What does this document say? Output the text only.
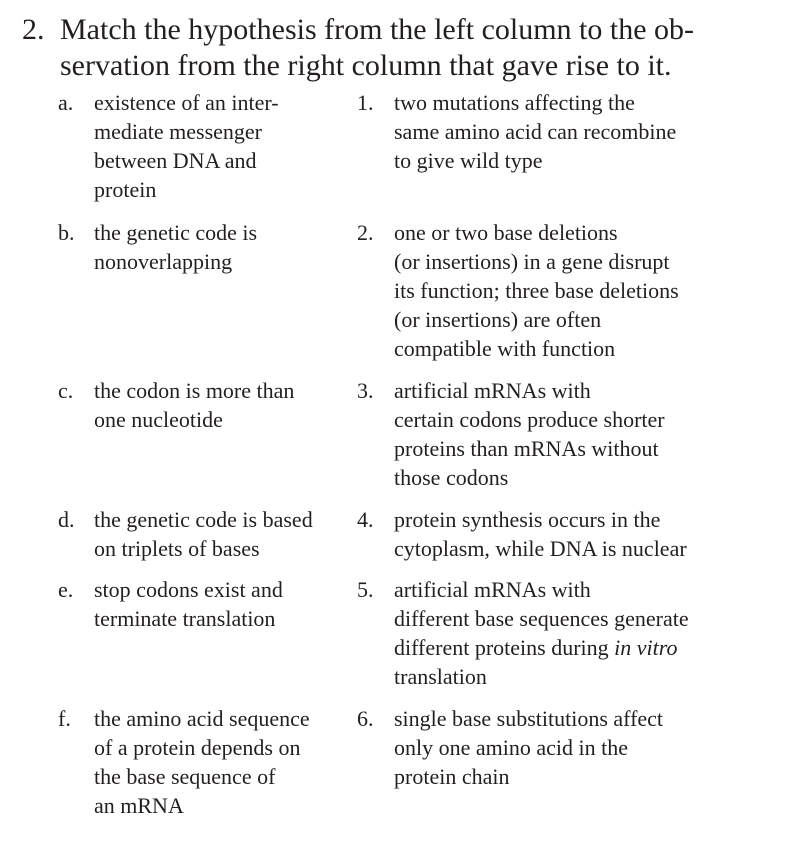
2. Match the hypothesis from the left column to the ob-
servation from the right column that gave rise to it.
a. existence of an inter-
mediate messenger
between DNA and
protein
1. two mutations affecting the
same amino acid can recombine
to give wild type
b. the genetic code is
nonoverlapping
2. one or two base deletions
(or insertions) in a gene disrupt
its function; three base deletions
(or insertions) are often
compatible with function
c. the codon is more than
one nucleotide
3. artificial mRNAs with
certain codons produce shorter
proteins than mRNAs without
those codons
d. the genetic code is based
on triplets of bases
4. protein synthesis occurs in the
cytoplasm, while DNA is nuclear
e. stop codons exist and
terminate translation
5. artificial mRNAs with
different base sequences generate
different proteins during in vitro
translation
f. the amino acid sequence
of a protein depends on
the base sequence of
an mRNA
6. single base substitutions affect
only one amino acid in the
protein chain
